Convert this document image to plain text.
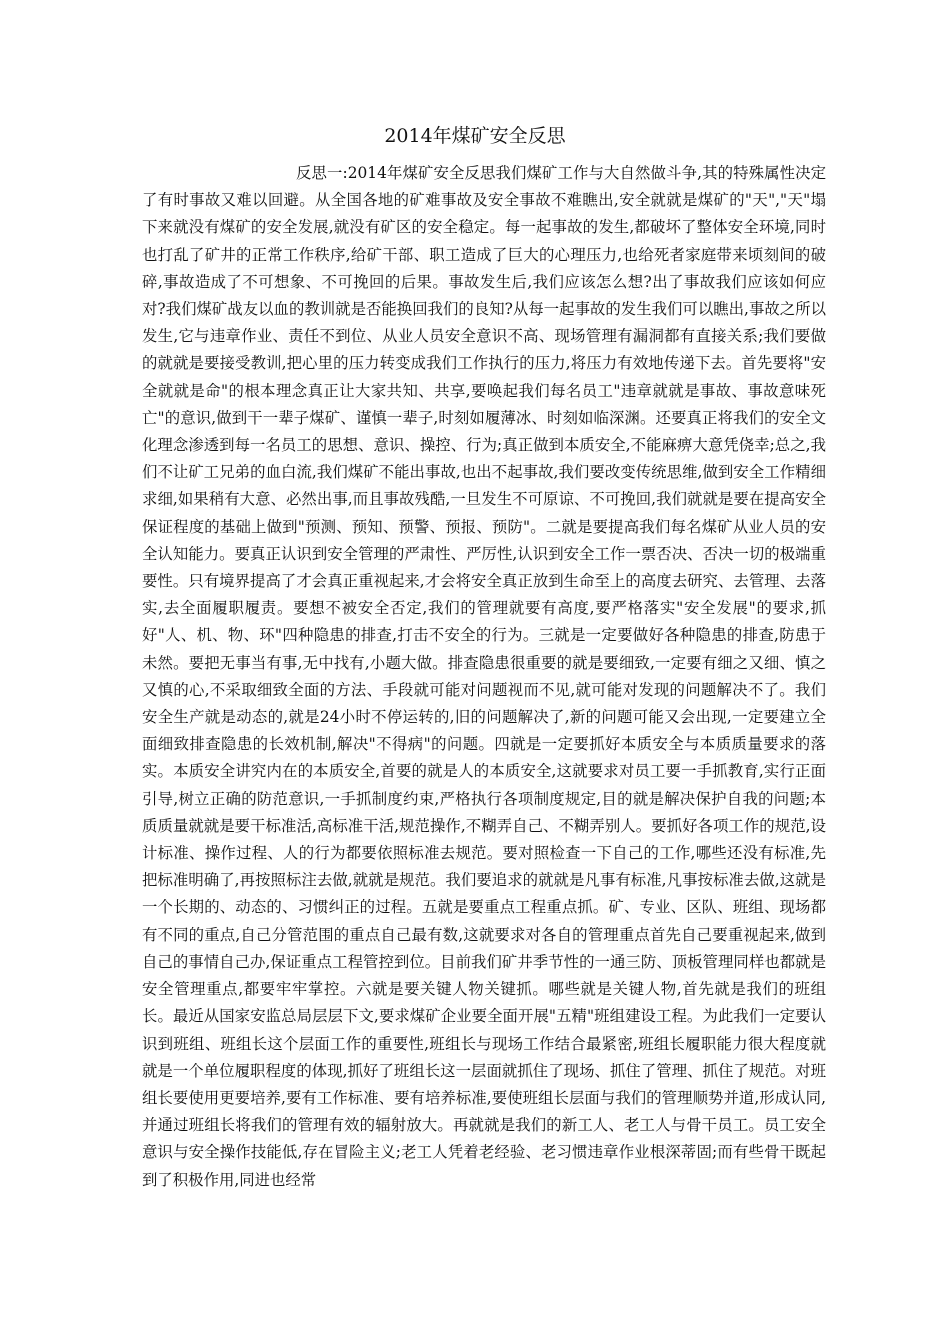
2014年煤矿安全反思
反思一:2014年煤矿安全反思我们煤矿工作与大自然做斗争,其的特殊属性决定了有时事故又难以回避。从全国各地的矿难事故及安全事故不难瞧出,安全就就是煤矿的"天","天"塌下来就没有煤矿的安全发展,就没有矿区的安全稳定。每一起事故的发生,都破坏了整体安全环境,同时也打乱了矿井的正常工作秩序,给矿干部、职工造成了巨大的心理压力,也给死者家庭带来顷刻间的破碎,事故造成了不可想象、不可挽回的后果。事故发生后,我们应该怎么想?出了事故我们应该如何应对?我们煤矿战友以血的教训就是否能换回我们的良知?从每一起事故的发生我们可以瞧出,事故之所以发生,它与违章作业、责任不到位、从业人员安全意识不高、现场管理有漏洞都有直接关系;我们要做的就就是要接受教训,把心里的压力转变成我们工作执行的压力,将压力有效地传递下去。首先要将"安全就就是命"的根本理念真正让大家共知、共享,要唤起我们每名员工"违章就就是事故、事故意味死亡"的意识,做到干一辈子煤矿、谨慎一辈子,时刻如履薄冰、时刻如临深渊。还要真正将我们的安全文化理念渗透到每一名员工的思想、意识、操控、行为;真正做到本质安全,不能麻痹大意凭侥幸;总之,我们不让矿工兄弟的血白流,我们煤矿不能出事故,也出不起事故,我们要改变传统思维,做到安全工作精细求细,如果稍有大意、必然出事,而且事故残酷,一旦发生不可原谅、不可挽回,我们就就是要在提高安全保证程度的基础上做到"预测、预知、预警、预报、预防"。二就是要提高我们每名煤矿从业人员的安全认知能力。要真正认识到安全管理的严肃性、严厉性,认识到安全工作一票否决、否决一切的极端重要性。只有境界提高了才会真正重视起来,才会将安全真正放到生命至上的高度去研究、去管理、去落实,去全面履职履责。要想不被安全否定,我们的管理就要有高度,要严格落实"安全发展"的要求,抓好"人、机、物、环"四种隐患的排查,打击不安全的行为。三就是一定要做好各种隐患的排查,防患于未然。要把无事当有事,无中找有,小题大做。排查隐患很重要的就是要细致,一定要有细之又细、慎之又慎的心,不采取细致全面的方法、手段就可能对问题视而不见,就可能对发现的问题解决不了。我们安全生产就是动态的,就是24小时不停运转的,旧的问题解决了,新的问题可能又会出现,一定要建立全面细致排查隐患的长效机制,解决"不得病"的问题。四就是一定要抓好本质安全与本质质量要求的落实。本质安全讲究内在的本质安全,首要的就是人的本质安全,这就要求对员工要一手抓教育,实行正面引导,树立正确的防范意识,一手抓制度约束,严格执行各项制度规定,目的就是解决保护自我的问题;本质质量就就是要干标准活,高标准干活,规范操作,不糊弄自己、不糊弄别人。要抓好各项工作的规范,设计标准、操作过程、人的行为都要依照标准去规范。要对照检查一下自己的工作,哪些还没有标准,先把标准明确了,再按照标注去做,就就是规范。我们要追求的就就是凡事有标准,凡事按标准去做,这就是一个长期的、动态的、习惯纠正的过程。五就是要重点工程重点抓。矿、专业、区队、班组、现场都有不同的重点,自己分管范围的重点自己最有数,这就要求对各自的管理重点首先自己要重视起来,做到自己的事情自己办,保证重点工程管控到位。目前我们矿井季节性的一通三防、顶板管理同样也都就是安全管理重点,都要牢牢掌控。六就是要关键人物关键抓。哪些就是关键人物,首先就是我们的班组长。最近从国家安监总局层层下文,要求煤矿企业要全面开展"五精"班组建设工程。为此我们一定要认识到班组、班组长这个层面工作的重要性,班组长与现场工作结合最紧密,班组长履职能力很大程度就就是一个单位履职程度的体现,抓好了班组长这一层面就抓住了现场、抓住了管理、抓住了规范。对班组长要使用更要培养,要有工作标准、要有培养标准,要使班组长层面与我们的管理顺势并道,形成认同,并通过班组长将我们的管理有效的辐射放大。再就就是我们的新工人、老工人与骨干员工。员工安全意识与安全操作技能低,存在冒险主义;老工人凭着老经验、老习惯违章作业根深蒂固;而有些骨干既起到了积极作用,同进也经常
